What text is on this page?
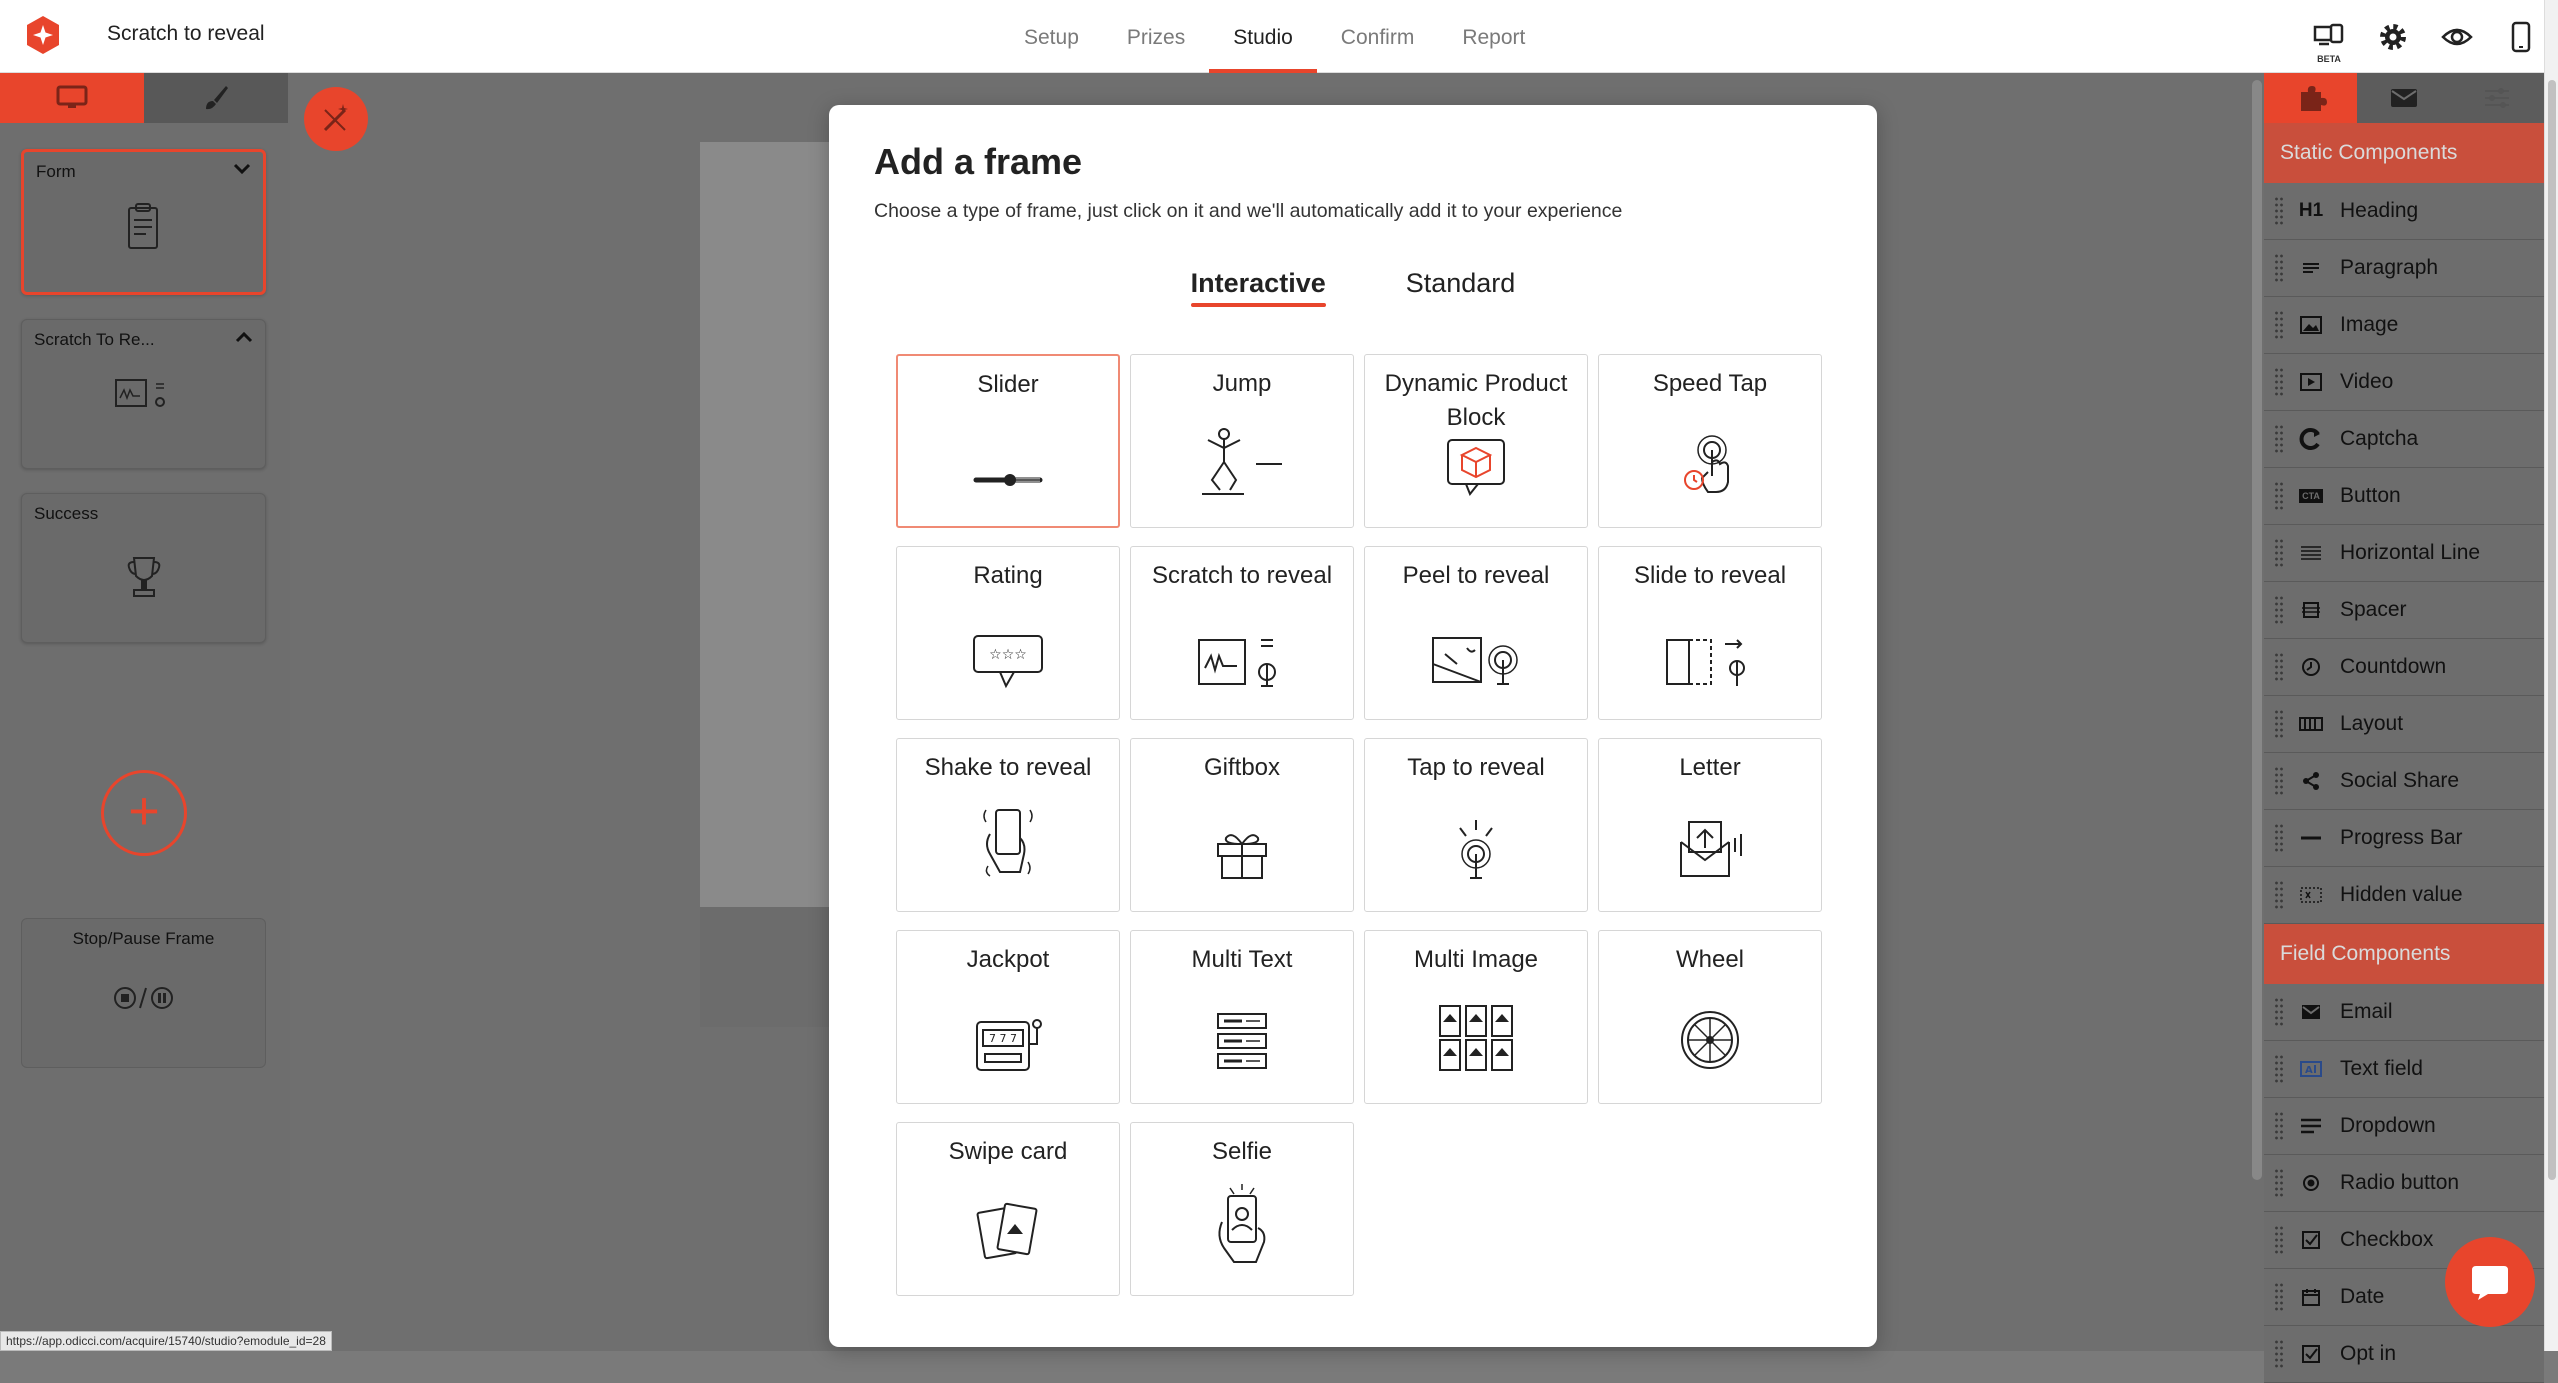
Scratch to reveal	Setup	Prizes	Studio	Confirm	Report
BETA
Form
Scratch To Re...
Success
+
Stop/Pause Frame
Static Components
H1 Heading
Paragraph
Image
Video
Captcha
CTA Button
Horizontal Line
Spacer
Countdown
Layout
Social Share
Progress Bar
Hidden value
Field Components
Email
A Text field
Dropdown
Radio button
Checkbox
Date
Opt in
Add a frame
Choose a type of frame, just click on it and we'll automatically add it to your experience
Interactive	Standard
Slider	Jump	Dynamic Product Block
Speed Tap
Rating
☆☆☆
Scratch to reveal	Peel to reveal	Slide to reveal
Shake to reveal	Giftbox	Tap to reveal	Letter
Jackpot
7 7 7
Multi Text	Multi Image	Wheel
Swipe card	Selfie
https://app.odicci.com/acquire/15740/studio?emodule_id=28
